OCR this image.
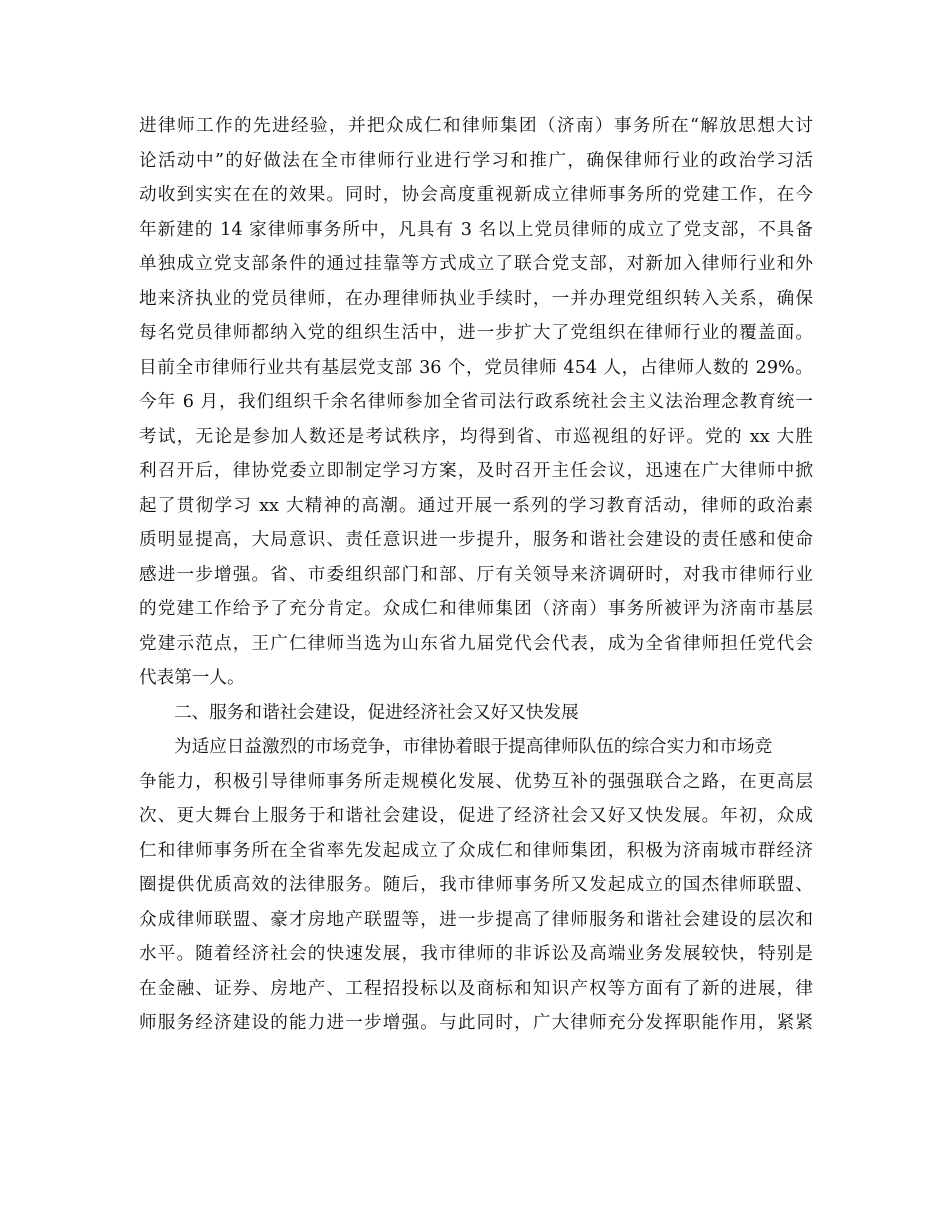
进律师工作的先进经验，并把众成仁和律师集团（济南）事务所在“解放思想大讨
论活动中”的好做法在全市律师行业进行学习和推广，确保律师行业的政治学习活
动收到实实在在的效果。同时，协会高度重视新成立律师事务所的党建工作，在今
年新建的 14 家律师事务所中，凡具有 3 名以上党员律师的成立了党支部，不具备
单独成立党支部条件的通过挂靠等方式成立了联合党支部，对新加入律师行业和外
地来济执业的党员律师，在办理律师执业手续时，一并办理党组织转入关系，确保
每名党员律师都纳入党的组织生活中，进一步扩大了党组织在律师行业的覆盖面。
目前全市律师行业共有基层党支部 36 个，党员律师 454 人，占律师人数的 29%。
今年 6 月，我们组织千余名律师参加全省司法行政系统社会主义法治理念教育统一
考试，无论是参加人数还是考试秩序，均得到省、市巡视组的好评。党的 xx 大胜
利召开后，律协党委立即制定学习方案，及时召开主任会议，迅速在广大律师中掀
起了贯彻学习 xx 大精神的高潮。通过开展一系列的学习教育活动，律师的政治素
质明显提高，大局意识、责任意识进一步提升，服务和谐社会建设的责任感和使命
感进一步增强。省、市委组织部门和部、厅有关领导来济调研时，对我市律师行业
的党建工作给予了充分肯定。众成仁和律师集团（济南）事务所被评为济南市基层
党建示范点，王广仁律师当选为山东省九届党代会代表，成为全省律师担任党代会
代表第一人。
二、服务和谐社会建设，促进经济社会又好又快发展
为适应日益激烈的市场竞争，市律协着眼于提高律师队伍的综合实力和市场竞
争能力，积极引导律师事务所走规模化发展、优势互补的强强联合之路，在更高层
次、更大舞台上服务于和谐社会建设，促进了经济社会又好又快发展。年初，众成
仁和律师事务所在全省率先发起成立了众成仁和律师集团，积极为济南城市群经济
圈提供优质高效的法律服务。随后，我市律师事务所又发起成立的国杰律师联盟、
众成律师联盟、豪才房地产联盟等，进一步提高了律师服务和谐社会建设的层次和
水平。随着经济社会的快速发展，我市律师的非诉讼及高端业务发展较快，特别是
在金融、证券、房地产、工程招投标以及商标和知识产权等方面有了新的进展，律
师服务经济建设的能力进一步增强。与此同时，广大律师充分发挥职能作用，紧紧
